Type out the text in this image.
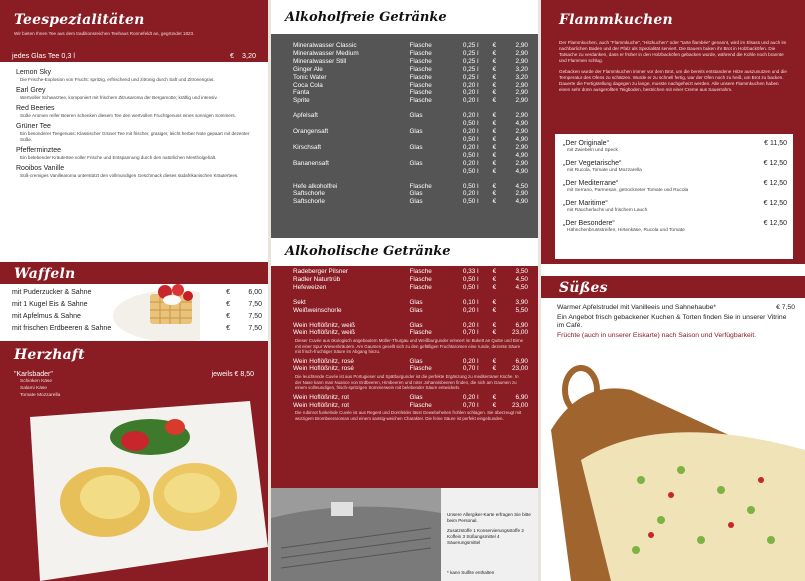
Teespezialitäten
Wir bieten Ihnen Tee aus dem traditionsreichen Teehaus Ronnefeldt an, gegründet 1823.
jedes Glas Tee 0,3 l	€ 3,20
Lemon Sky
Die Frische-Explosion von Frucht: spritzig, erfrischend und zitronig durch Saft und Zitronengras.
Earl Grey
Wertvoller Schwarztee, komponiert mit frischem Zitrusaroma der Bergamotte; kräftig und intensiv.
Red Beeries
Süße Aromen reifer Beeren schenken diesem Tee den wertvollen Fruchtgenuss eines sonnigen Sommers.
Grüner Tee
Ein besonderer Teegenuss: Klassischer Grüner Tee mit frischer, grasiger, leicht herber Note gepaart mit dezenter Süße.
Pfefferminztee
Ein belebender Kräutertee voller Frische und Entspannung durch den natürlichen Mentholgehalt.
Rooibos Vanille
Süß-cremiges Vanillearoma unterstützt den vollmundigen Geschmack dieses südafrikanischen Kräutertees.
Waffeln
mit Puderzucker & Sahne	€	6,00
mit 1 Kugel Eis & Sahne	€	7,50
mit Apfelmus & Sahne	€	7,50
mit frischen Erdbeeren & Sahne	€	7,50
Herzhaft
"Karlsbader"	jeweils € 8,50
Schinken Käse
Salami Käse
Tomate Mozzarella
Alkoholfreie Getränke
Mineralwasser Classic	Flasche	0,25 l	€	2,90
Mineralwasser Medium	Flasche	0,25 l	€	2,90
Mineralwasser Still	Flasche	0,25 l	€	2,90
Ginger Ale	Flasche	0,25 l	€	3,20
Tonic Water	Flasche	0,25 l	€	3,20
Coca Cola	Flasche	0,20 l	€	2,90
Fanta	Flasche	0,20 l	€	2,90
Sprite	Flasche	0,20 l	€	2,90
Apfelsaft	Glas	0,20 l	€	2,90
0,50 l	€	4,90
Orangensaft	Glas	0,20 l	€	2,90
0,50 l	€	4,90
Kirschsaft	Glas	0,20 l	€	2,90
0,50 l	€	4,90
Bananensaft	Glas	0,20 l	€	2,90
0,50 l	€	4,90
Hefe alkoholfrei	Flasche	0,50 l	€	4,50
Saftschorle	Glas	0,20 l	€	2,90
Saftschorle	Glas	0,50 l	€	4,90
Alkoholische Getränke
Radeberger Pilsner	Flasche	0,33 l	€	3,50
Radler Naturtrüb	Flasche	0,50 l	€	4,50
Hefeweizen	Flasche	0,50 l	€	4,50
Sekt	Glas	0,10 l	€	3,90
Weißweinschorle	Glas	0,20 l	€	5,50
Wein Hoflößnitz, weiß	Glas	0,20 l	€	6,90
Wein Hoflößnitz, weiß	Flasche	0,70 l	€	23,00
Dieser Cuvée aus ökologisch angebautem Müller-Thurgau und Weißburgunder erinnert im Bukett an Quitte und Birne mit einer Spur Wiesenkräutern. Am Gaumen gesellt sich zu den gefälligen Fruchtaromen eine runde, dezente Säure mit frisch-fruchtiger Säure im Abgang hinzu.
Wein Hoflößnitz, rosé	Glas	0,20 l	€	6,90
Wein Hoflößnitz, rosé	Flasche	0,70 l	€	23,00
Die leuchtende Cuvée ist aus Portugieser und Spätburgunder ist die perfekte Ergänzung zu mediterraner Küche. In der Nase kann man Nuance von Erdbeeren, Himbeeren und roter Johannisbeeren finden, die sich am Gaumen zu einem vollmundigen, frisch-spritzigen Sommerwein mit belebender Säure entwickeln.
Wein Hoflößnitz, rot	Glas	0,20 l	€	6,90
Wein Hoflößnitz, rot	Flasche	0,70 l	€	23,00
Die rubinrot funkelnde Cuvée ist aus Regent und Dornfelder lässt Gewebeheiten frohlen schlagen. Sie überzeugt mit würzigem Brombeeraroman und einem samtig-weichen Charakter. Die feine Säure ist perfekt eingebunden.
Unsere Allergiker-Karte erfragen Sie bitte beim Personal.
Zusatzstoffe 1 Konservierungsstoffe 2 Koffein 3 Süßungsmittel 4 Säuerungsmittel
* kann Sulfite enthalten
Flammkuchen
Der Flammkuchen, auch "Flammkuche", "Hitzkuchen" oder "tarte flambée" genannt, wird im Elsass und auch im nachbarlichen Baden und der Pfalz als Spezialität serviert. Die Bauern buken ihr Brot in Holzbacköfen. Die Tatsache zu verdanken, dass er früher in den Holzbacköfen gebacken wurde, während die Kohle noch brannte und Flammen schlug.
Gebacken wurde der Flammkuchen immer vor dem Brot, um die bereits entstandene Hitze auszunutzen und die Temperatur des Ofens zu schätzen. Wurde er zu schnell fertig, war der Ofen noch zu heiß, um Brot zu backen. Dauerte die Fertigstellung dagegen zu lange, musste nachgeheizt werden. Alle unsere Flammkuchen haben einen sehr dünn ausgerollten Teigboden, bestrichen mit einer Creme aus Sauerrahm.
„Der Originale“
mit Zwiebeln und Speck
€ 11,50
„Der Vegetarische“
mit Rucola, Tomate und Mozzarella
€ 12,50
„Der Mediterrane“
mit Serrano, Parmesan, getrockneter Tomate und Rucola
€ 12,50
„Der Maritime“
mit Räucherlachs und frischem Lauch
€ 12,50
„Der Besondere“
Hähnchenbruststreifen, Hirtenkäse, Rucola und Tomate
€ 12,50
Süßes
Warmer Apfelstrudel mit Vanilleeis und Sahnehaube*	€ 7,50
Ein Angebot frisch gebackener Kuchen & Torten finden Sie in unserer Vitrine im Café.
Früchte (auch in unserer Eiskarte) nach Saison und Verfügbarkeit.
